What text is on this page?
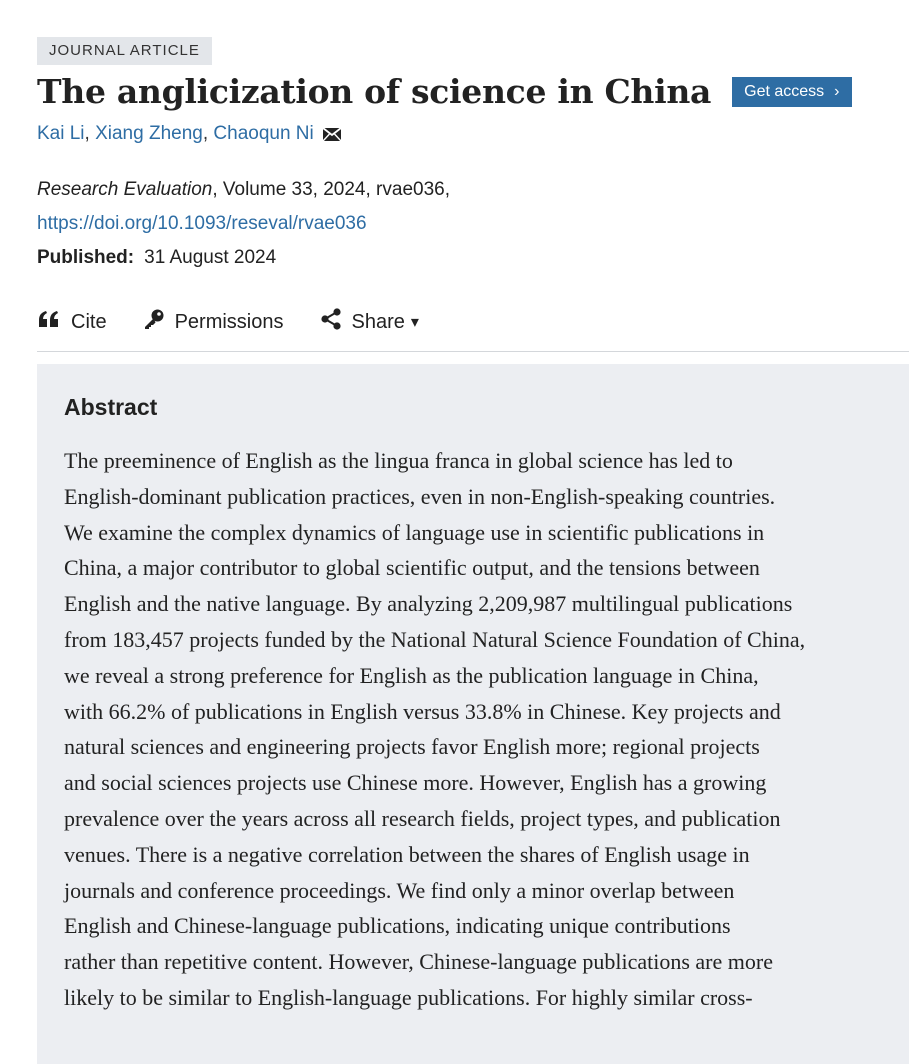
JOURNAL ARTICLE
The anglicization of science in China Get access ›
Kai Li ,
Xiang Zheng ,
Chaoqun Ni
Research Evaluation, Volume 33, 2024, rvae036,
https://doi.org/10.1093/reseval/rvae036
Published: 31 August 2024
Cite	Permissions	Share ▾
Abstract

The preeminence of English as the lingua franca in global science has led to
English-dominant publication practices, even in non-English-speaking countries.
We examine the complex dynamics of language use in scientific publications in
China, a major contributor to global scientific output, and the tensions between
English and the native language. By analyzing 2,209,987 multilingual publications
from 183,457 projects funded by the National Natural Science Foundation of China,
we reveal a strong preference for English as the publication language in China,
with 66.2% of publications in English versus 33.8% in Chinese. Key projects and
natural sciences and engineering projects favor English more; regional projects
and social sciences projects use Chinese more. However, English has a growing
prevalence over the years across all research fields, project types, and publication
venues. There is a negative correlation between the shares of English usage in
journals and conference proceedings. We find only a minor overlap between
English and Chinese-language publications, indicating unique contributions
rather than repetitive content. However, Chinese-language publications are more
likely to be similar to English-language publications. For highly similar cross-
